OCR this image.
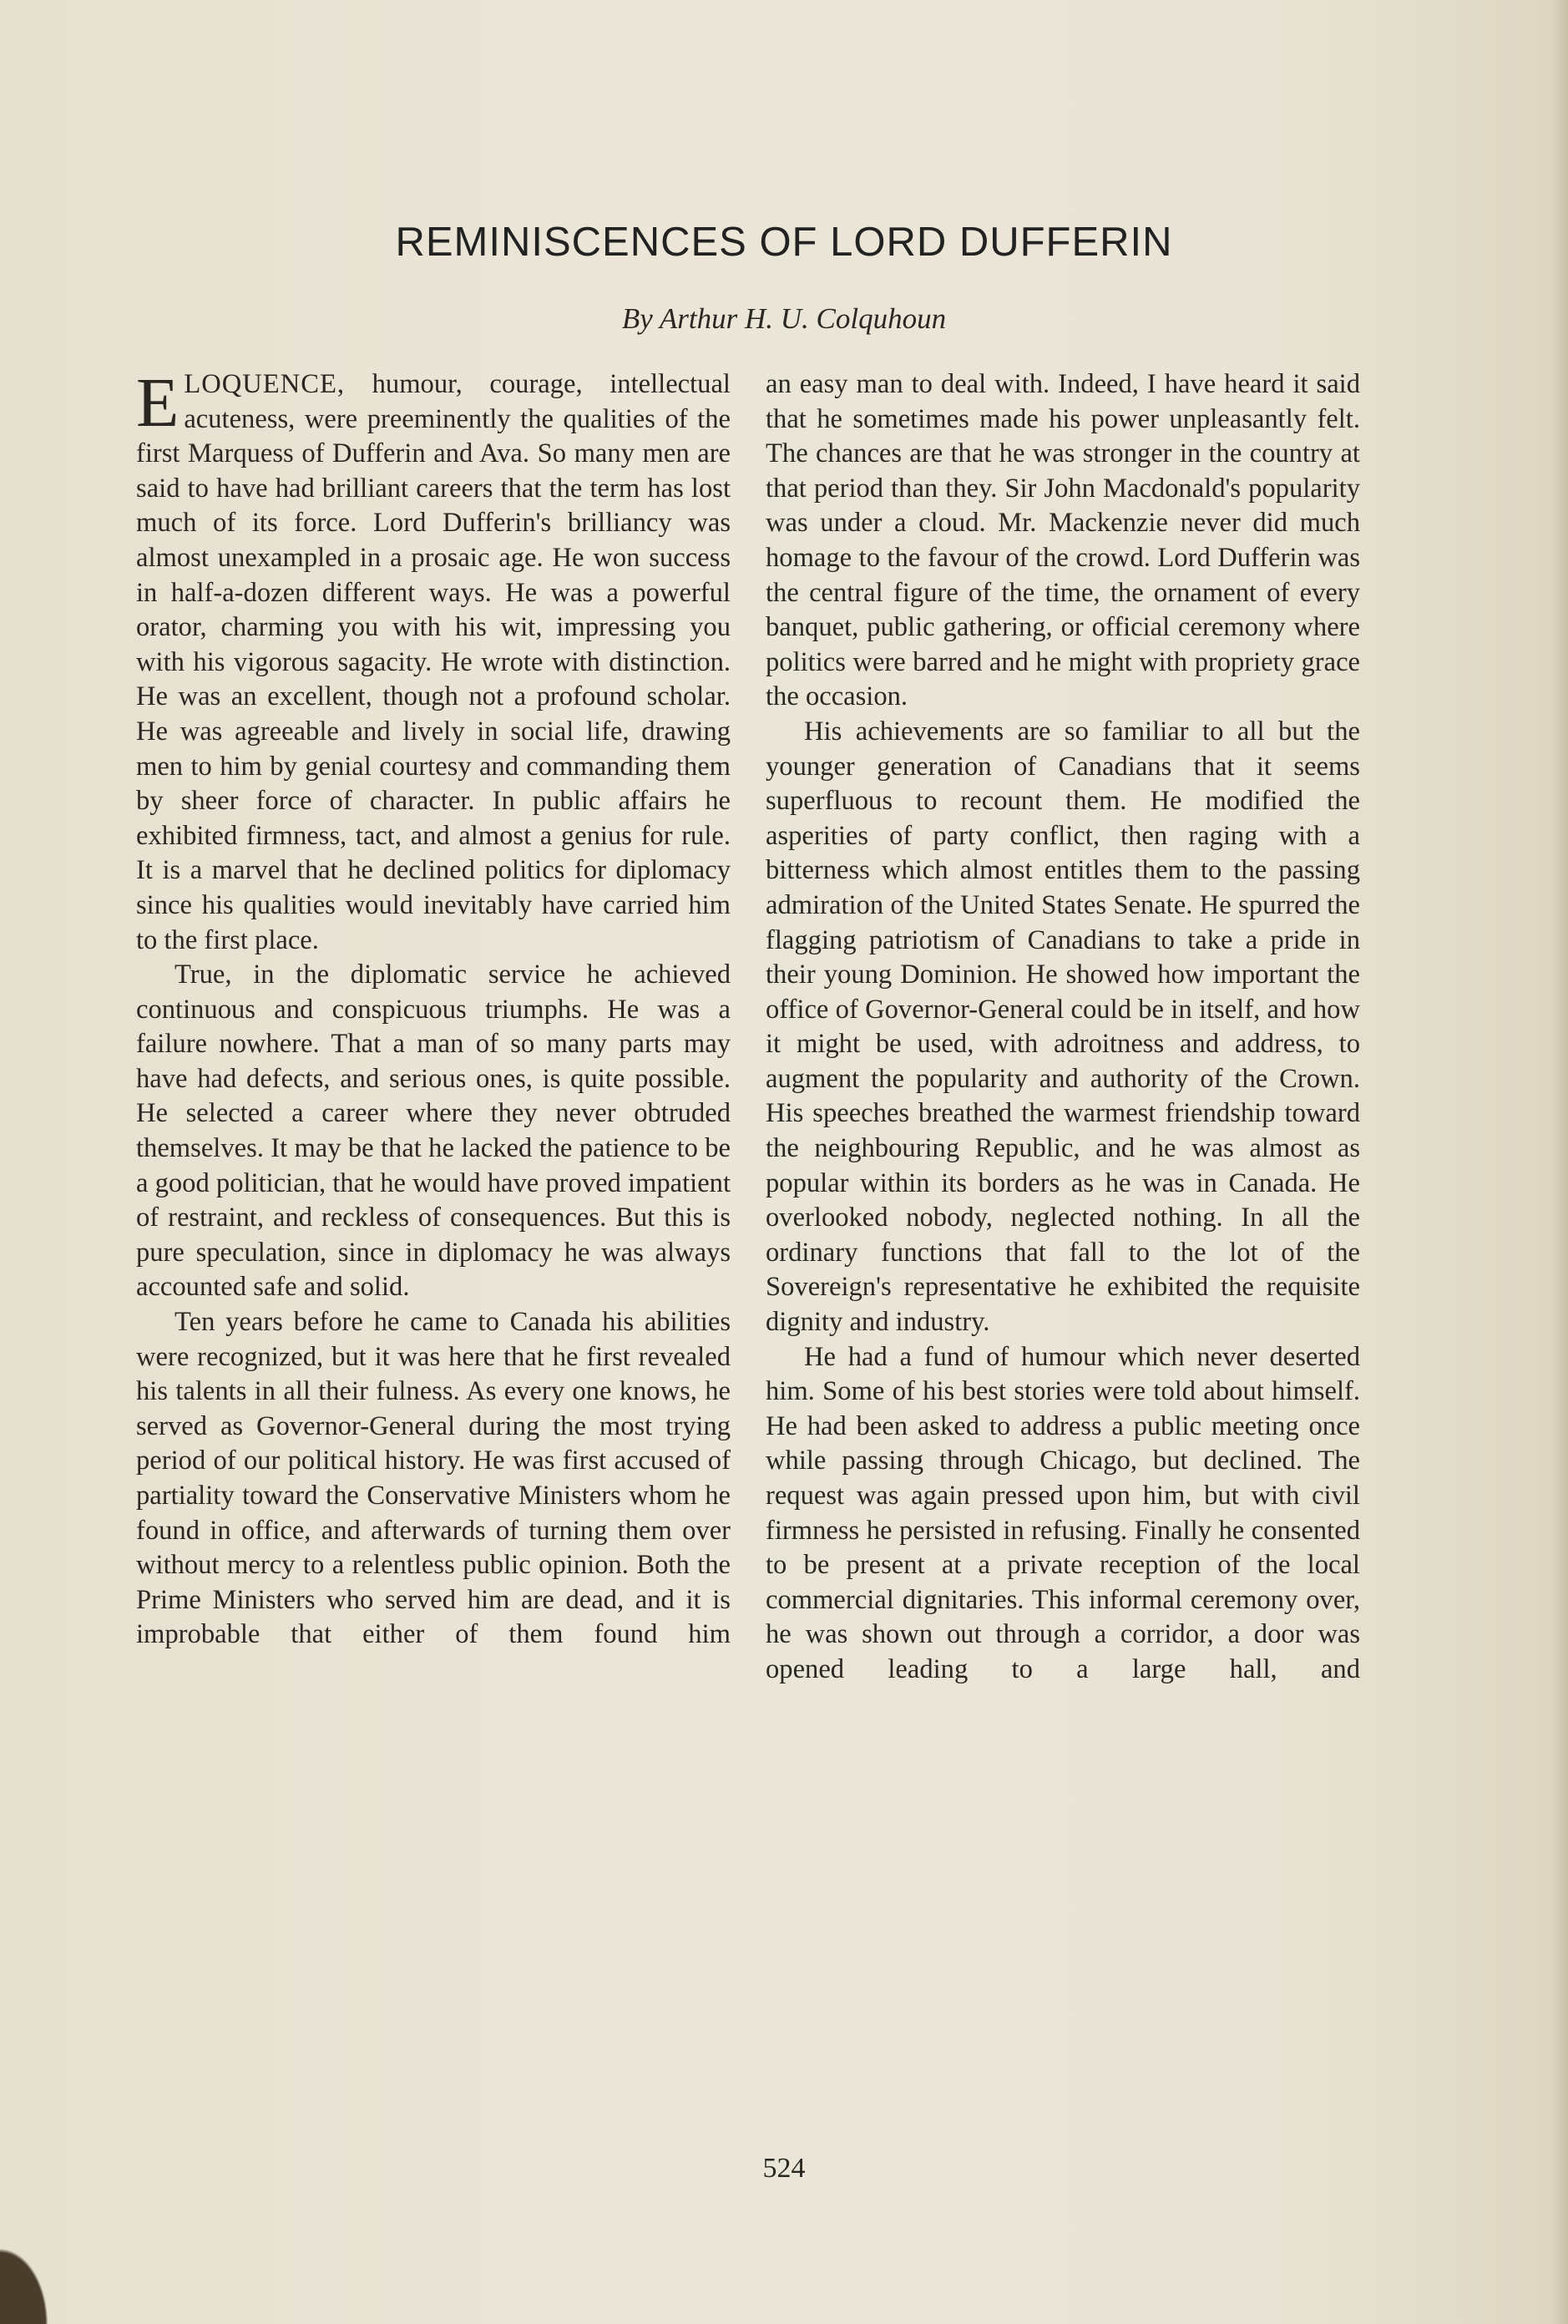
REMINISCENCES OF LORD DUFFERIN
By Arthur H. U. Colquhoun

ELOQUENCE, humour, courage, intellectual acuteness, were preeminently the qualities of the first Marquess of Dufferin and Ava. So many men are said to have had brilliant careers that the term has lost much of its force. Lord Dufferin's brilliancy was almost unexampled in a prosaic age. He won success in half-a-dozen different ways. He was a powerful orator, charming you with his wit, impressing you with his vigorous sagacity. He wrote with distinction. He was an excellent, though not a profound scholar. He was agreeable and lively in social life, drawing men to him by genial courtesy and commanding them by sheer force of character. In public affairs he exhibited firmness, tact, and almost a genius for rule. It is a marvel that he declined politics for diplomacy since his qualities would inevitably have carried him to the first place.

True, in the diplomatic service he achieved continuous and conspicuous triumphs. He was a failure nowhere. That a man of so many parts may have had defects, and serious ones, is quite possible. He selected a career where they never obtruded themselves. It may be that he lacked the patience to be a good politician, that he would have proved impatient of restraint, and reckless of consequences. But this is pure speculation, since in diplomacy he was always accounted safe and solid.

Ten years before he came to Canada his abilities were recognized, but it was here that he first revealed his talents in all their fulness. As every one knows, he served as Governor-General during the most trying period of our political history. He was first accused of partiality toward the Conservative Ministers whom he found in office, and afterwards of turning them over without mercy to a relentless public opinion. Both the Prime Ministers who served him are dead, and it is improbable that either of them found him

an easy man to deal with. Indeed, I have heard it said that he sometimes made his power unpleasantly felt. The chances are that he was stronger in the country at that period than they. Sir John Macdonald's popularity was under a cloud. Mr. Mackenzie never did much homage to the favour of the crowd. Lord Dufferin was the central figure of the time, the ornament of every banquet, public gathering, or official ceremony where politics were barred and he might with propriety grace the occasion.

His achievements are so familiar to all but the younger generation of Canadians that it seems superfluous to recount them. He modified the asperities of party conflict, then raging with a bitterness which almost entitles them to the passing admiration of the United States Senate. He spurred the flagging patriotism of Canadians to take a pride in their young Dominion. He showed how important the office of Governor-General could be in itself, and how it might be used, with adroitness and address, to augment the popularity and authority of the Crown. His speeches breathed the warmest friendship toward the neighbouring Republic, and he was almost as popular within its borders as he was in Canada. He overlooked nobody, neglected nothing. In all the ordinary functions that fall to the lot of the Sovereign's representative he exhibited the requisite dignity and industry.

He had a fund of humour which never deserted him. Some of his best stories were told about himself. He had been asked to address a public meeting once while passing through Chicago, but declined. The request was again pressed upon him, but with civil firmness he persisted in refusing. Finally he consented to be present at a private reception of the local commercial dignitaries. This informal ceremony over, he was shown out through a corridor, a door was opened leading to a large hall, and

524
